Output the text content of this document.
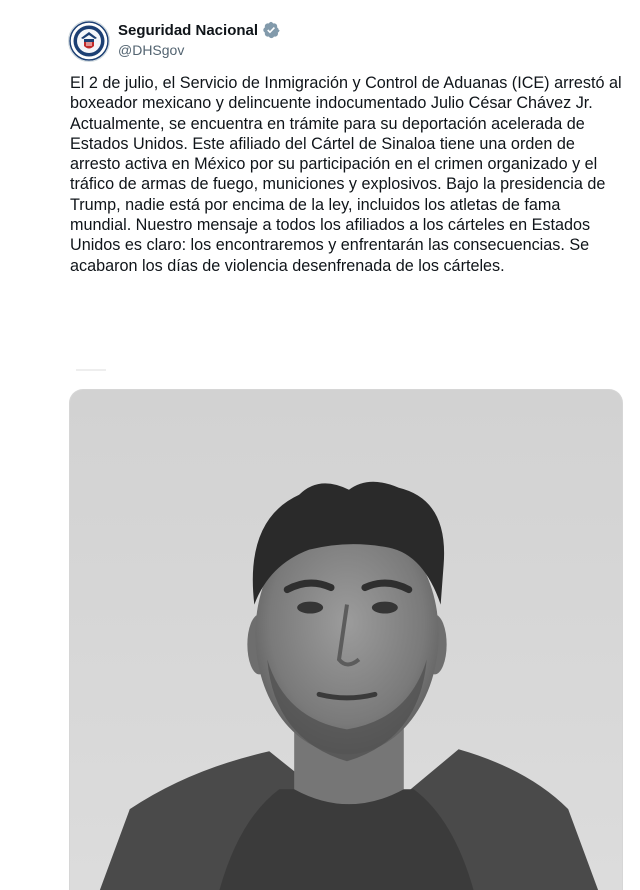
Seguridad Nacional
@DHSgov
El 2 de julio, el Servicio de Inmigración y Control de Aduanas (ICE) arrestó al boxeador mexicano y delincuente indocumentado Julio César Chávez Jr. Actualmente, se encuentra en trámite para su deportación acelerada de Estados Unidos. Este afiliado del Cártel de Sinaloa tiene una orden de arresto activa en México por su participación en el crimen organizado y el tráfico de armas de fuego, municiones y explosivos. Bajo la presidencia de Trump, nadie está por encima de la ley, incluidos los atletas de fama mundial. Nuestro mensaje a todos los afiliados a los cárteles en Estados Unidos es claro: los encontraremos y enfrentarán las consecuencias. Se acabaron los días de violencia desenfrenada de los cárteles.
